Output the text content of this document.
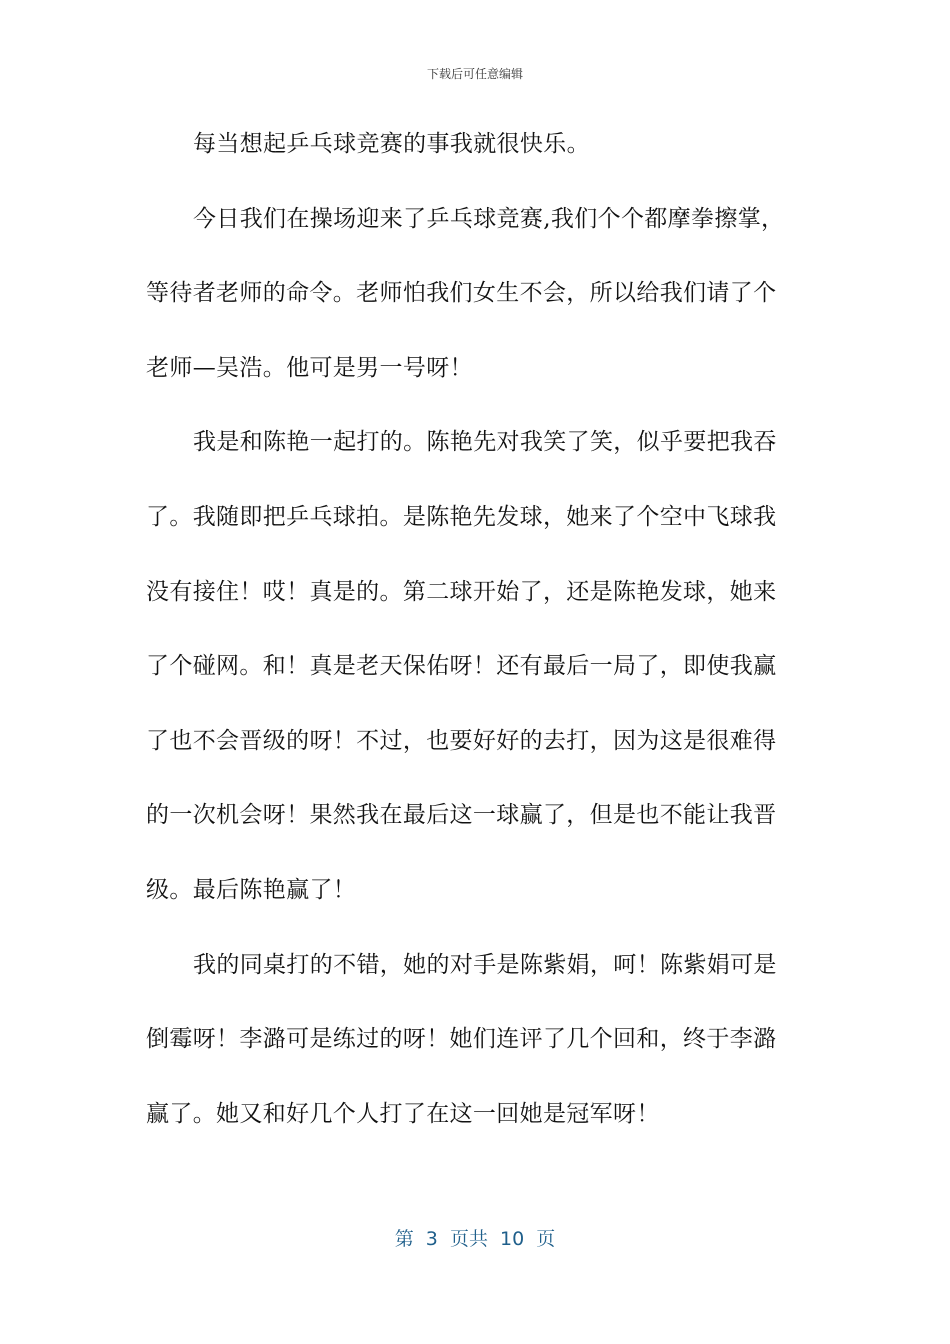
下载后可任意编辑
每当想起乒乓球竞赛的事我就很快乐。
今日我们在操场迎来了乒乓球竞赛,我们个个都摩拳擦掌，
等待者老师的命令。老师怕我们女生不会，所以给我们请了个
老师—吴浩。他可是男一号呀！
我是和陈艳一起打的。陈艳先对我笑了笑，似乎要把我吞
了。我随即把乒乓球拍。是陈艳先发球，她来了个空中飞球我
没有接住！哎！真是的。第二球开始了，还是陈艳发球，她来
了个碰网。和！真是老天保佑呀！还有最后一局了，即使我赢
了也不会晋级的呀！不过，也要好好的去打，因为这是很难得
的一次机会呀！果然我在最后这一球赢了，但是也不能让我晋
级。最后陈艳赢了！
我的同桌打的不错，她的对手是陈紫娟，呵！陈紫娟可是
倒霉呀！李潞可是练过的呀！她们连评了几个回和，终于李潞
赢了。她又和好几个人打了在这一回她是冠军呀！
第  3  页共  10  页
